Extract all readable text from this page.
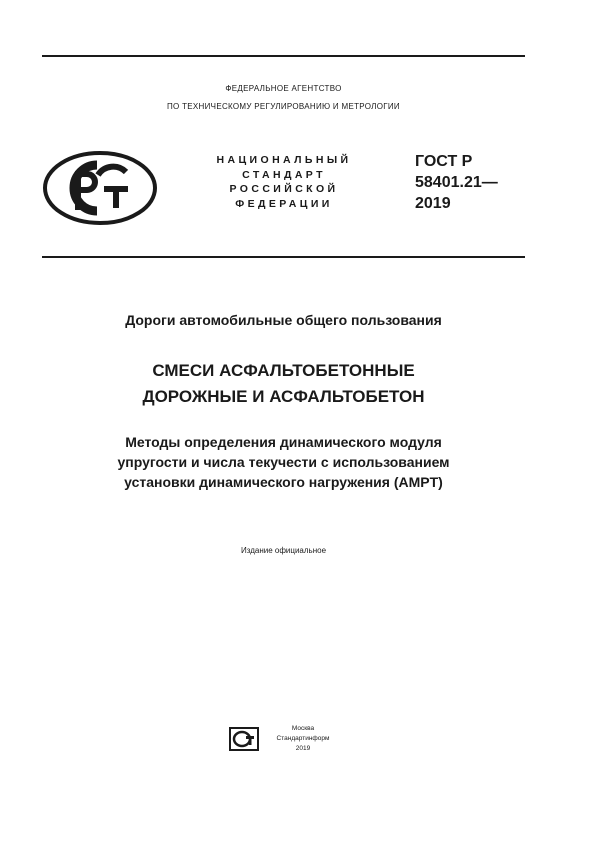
ФЕДЕРАЛЬНОЕ АГЕНТСТВО
ПО ТЕХНИЧЕСКОМУ РЕГУЛИРОВАНИЮ И МЕТРОЛОГИИ
НАЦИОНАЛЬНЫЙ
СТАНДАРТ
РОССИЙСКОЙ
ФЕДЕРАЦИИ
ГОСТ Р
58401.21—
2019
Дороги автомобильные общего пользования
СМЕСИ АСФАЛЬТОБЕТОННЫЕ
ДОРОЖНЫЕ И АСФАЛЬТОБЕТОН
Методы определения динамического модуля
упругости и числа текучести с использованием
установки динамического нагружения (AMPT)
Издание официальное
Москва
Стандартинформ
2019
